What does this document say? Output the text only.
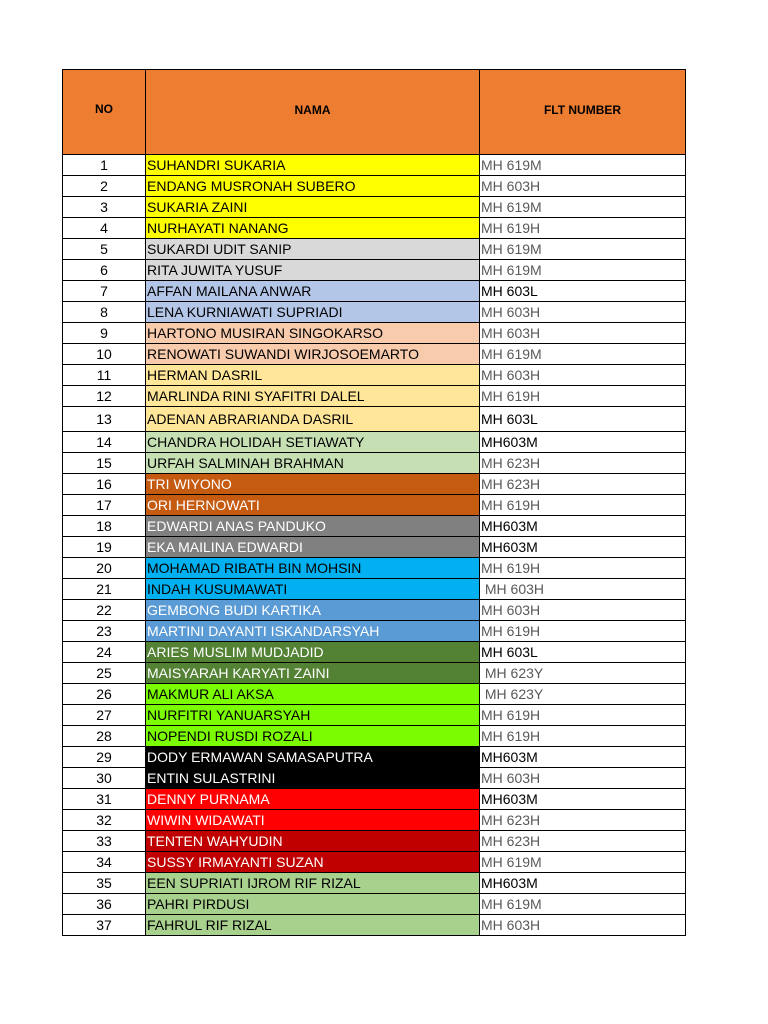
NO	NAMA	FLT NUMBER
1	SUHANDRI SUKARIA	MH 619M
2	ENDANG MUSRONAH SUBERO	MH 603H
3	SUKARIA ZAINI	MH 619M
4	NURHAYATI NANANG	MH 619H
5	SUKARDI UDIT SANIP	MH 619M
6	RITA JUWITA YUSUF	MH 619M
7	AFFAN MAILANA ANWAR	MH 603L
8	LENA KURNIAWATI SUPRIADI	MH 603H
9	HARTONO MUSIRAN SINGOKARSO	MH 603H
10	RENOWATI SUWANDI WIRJOSOEMARTO	MH 619M
11	HERMAN DASRIL	MH 603H
12	MARLINDA RINI SYAFITRI DALEL	MH 619H
13	ADENAN ABRARIANDA DASRIL	MH 603L
14	CHANDRA HOLIDAH SETIAWATY	MH603M
15	URFAH SALMINAH BRAHMAN	MH 623H
16	TRI WIYONO	MH 623H
17	ORI HERNOWATI	MH 619H
18	EDWARDI ANAS PANDUKO	MH603M
19	EKA MAILINA EDWARDI	MH603M
20	MOHAMAD RIBATH BIN MOHSIN	MH 619H
21	INDAH KUSUMAWATI	MH 603H
22	GEMBONG BUDI KARTIKA	MH 603H
23	MARTINI DAYANTI ISKANDARSYAH	MH 619H
24	ARIES MUSLIM MUDJADID	MH 603L
25	MAISYARAH KARYATI ZAINI	MH 623Y
26	MAKMUR ALI AKSA	MH 623Y
27	NURFITRI YANUARSYAH	MH 619H
28	NOPENDI RUSDI ROZALI	MH 619H
29	DODY ERMAWAN SAMASAPUTRA	MH603M
30	ENTIN SULASTRINI	MH 603H
31	DENNY PURNAMA	MH603M
32	WIWIN WIDAWATI	MH 623H
33	TENTEN WAHYUDIN	MH 623H
34	SUSSY IRMAYANTI SUZAN	MH 619M
35	EEN SUPRIATI IJROM RIF RIZAL	MH603M
36	PAHRI PIRDUSI	MH 619M
37	FAHRUL RIF RIZAL	MH 603H
